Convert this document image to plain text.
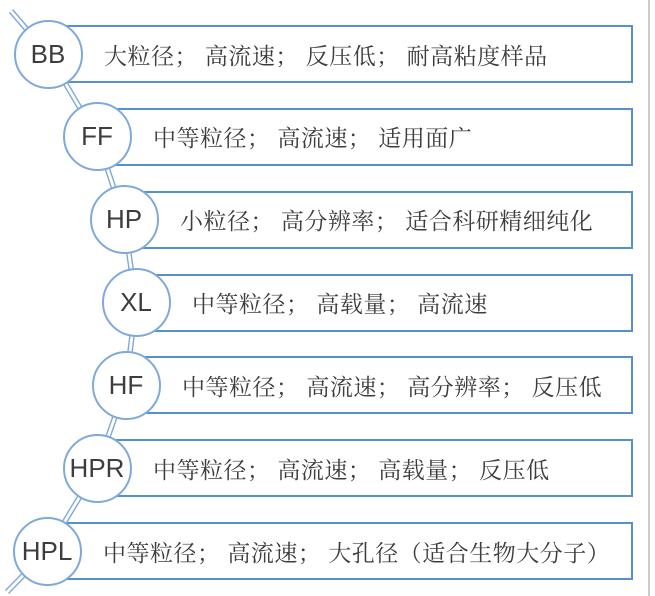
大粒径； 高流速； 反压低； 耐高粘度样品
中等粒径； 高流速； 适用面广
小粒径； 高分辨率； 适合科研精细纯化
中等粒径； 高载量； 高流速
中等粒径； 高流速； 高分辨率； 反压低
中等粒径； 高流速； 高载量； 反压低
中等粒径； 高流速； 大孔径（适合生物大分子）
BB
FF
HP
XL
HF
HPR
HPL
